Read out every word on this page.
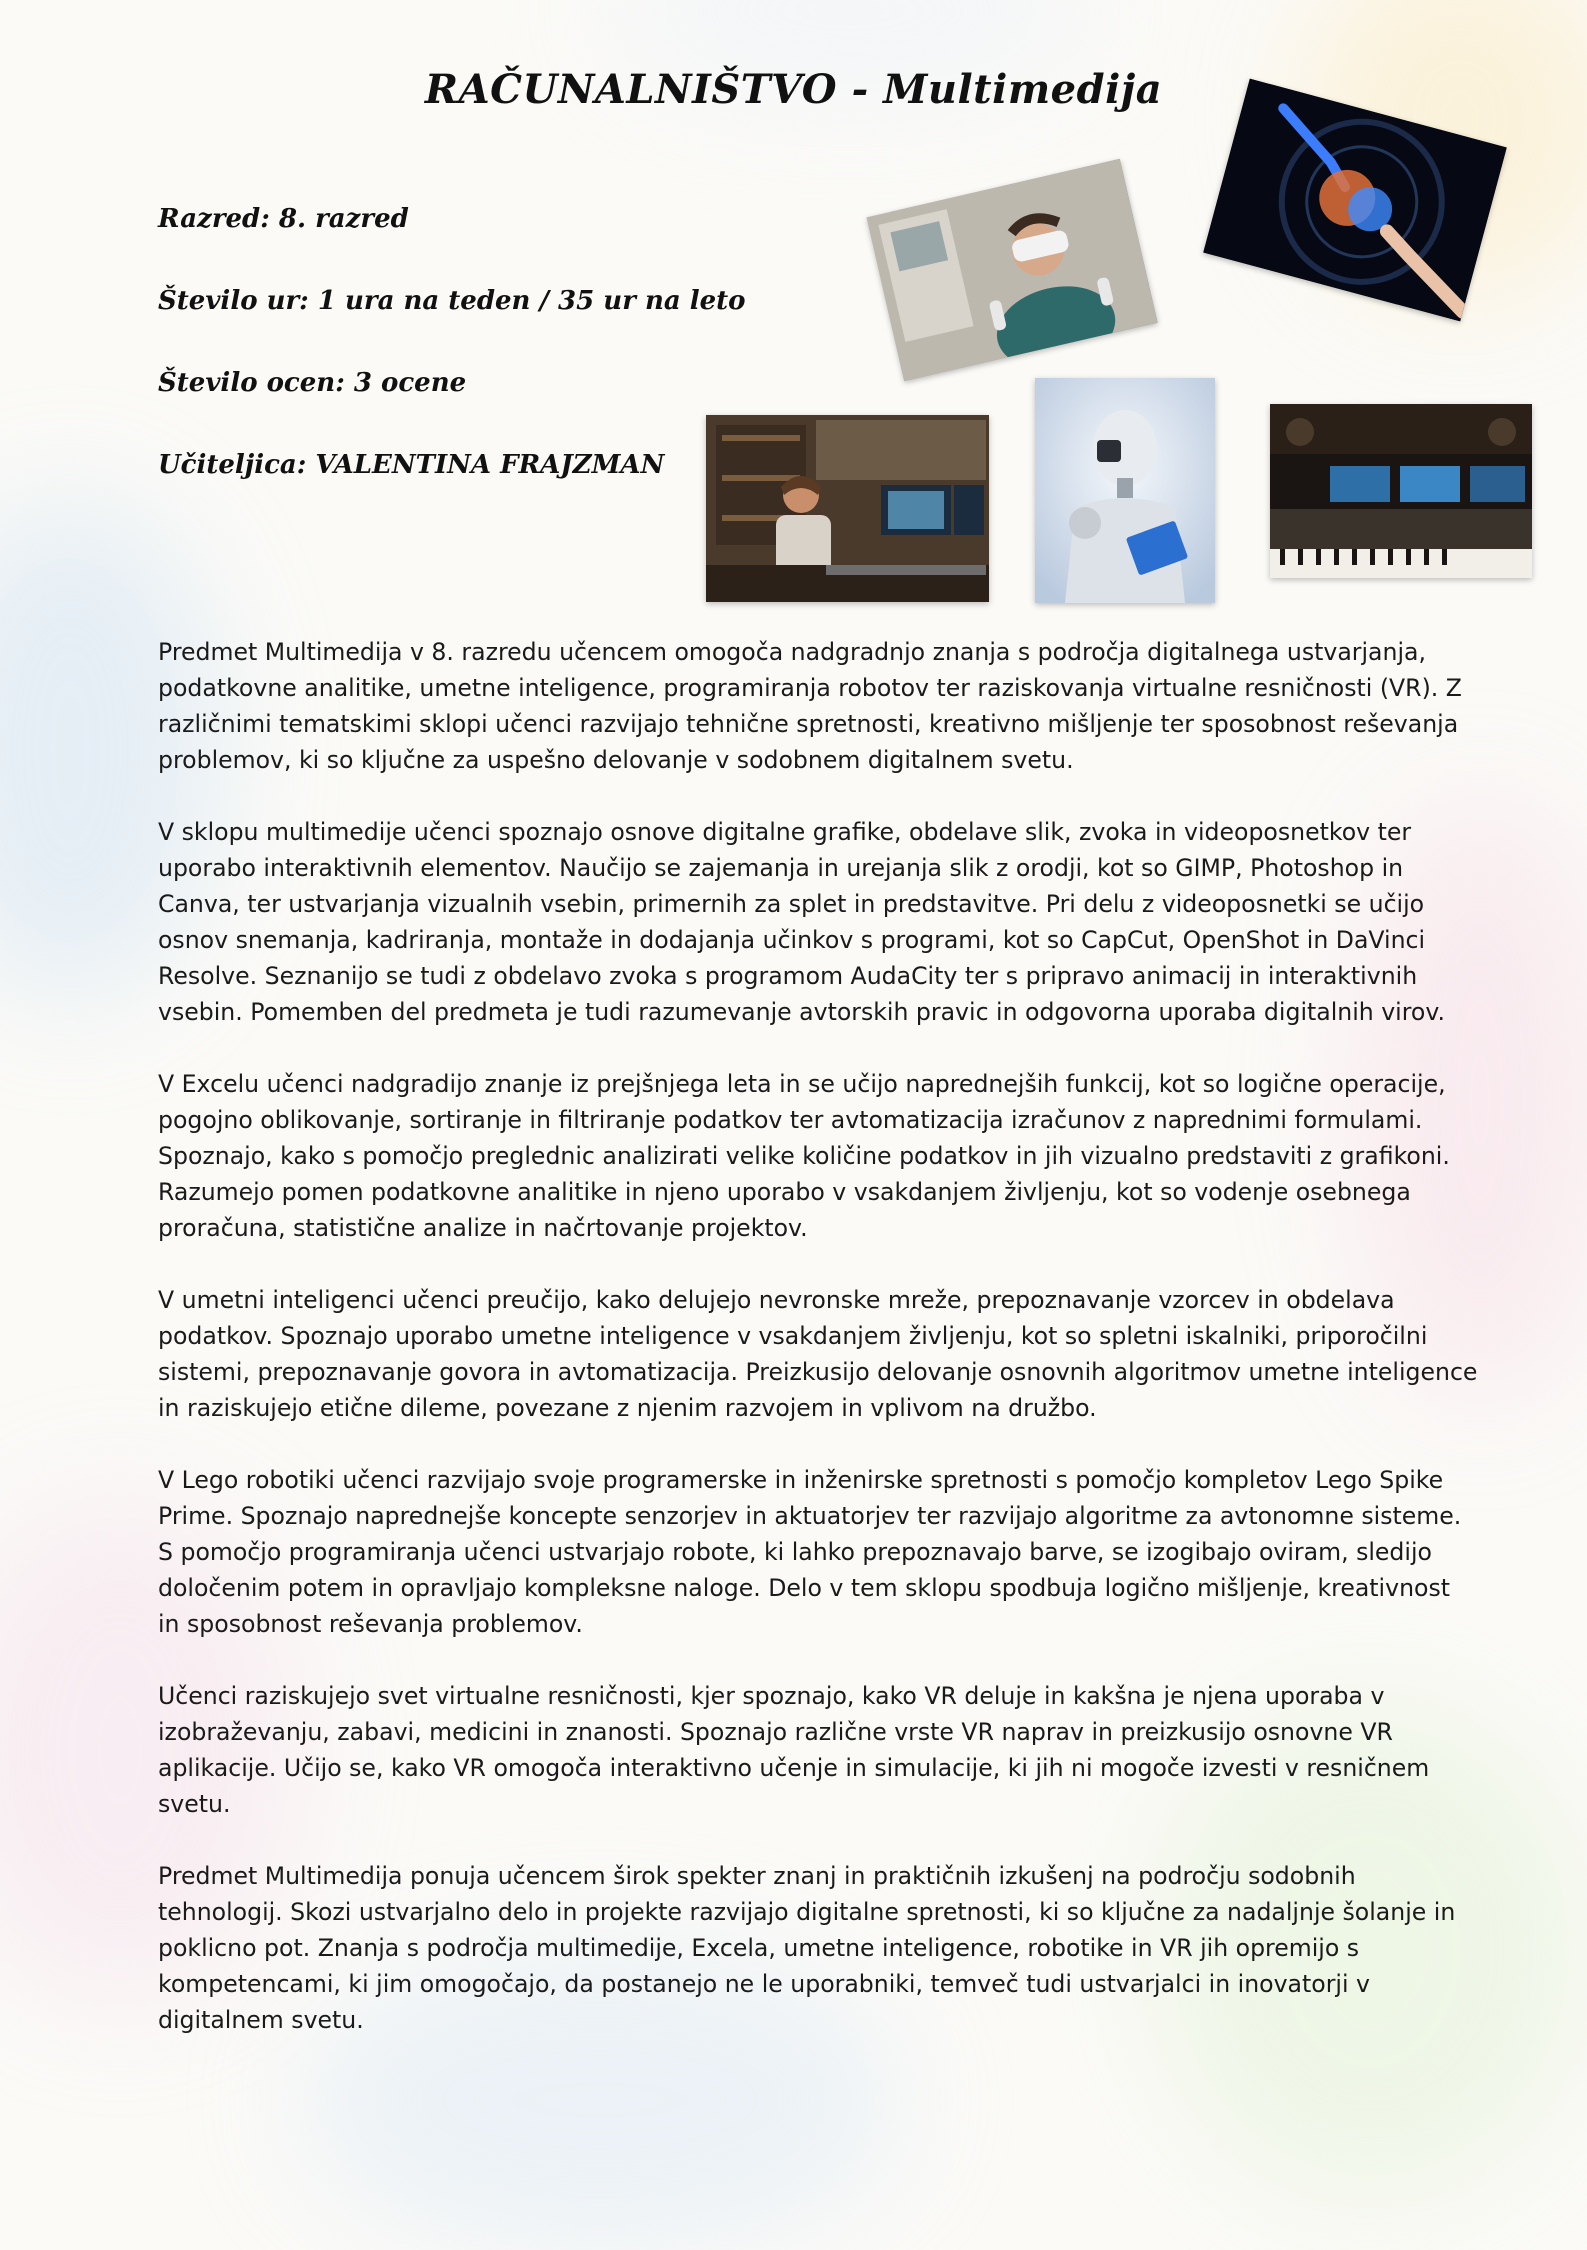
RAČUNALNIŠTVO - Multimedija
Razred: 8. razred
Število ur: 1 ura na teden / 35 ur na leto
Število ocen: 3 ocene
Učiteljica: VALENTINA FRAJZMAN

Predmet Multimedija v 8. razredu učencem omogoča nadgradnjo znanja s področja digitalnega ustvarjanja, podatkovne analitike, umetne inteligence, programiranja robotov ter raziskovanja virtualne resničnosti (VR). Z različnimi tematskimi sklopi učenci razvijajo tehnične spretnosti, kreativno mišljenje ter sposobnost reševanja problemov, ki so ključne za uspešno delovanje v sodobnem digitalnem svetu.

V sklopu multimedije učenci spoznajo osnove digitalne grafike, obdelave slik, zvoka in videoposnetkov ter uporabo interaktivnih elementov. Naučijo se zajemanja in urejanja slik z orodji, kot so GIMP, Photoshop in Canva, ter ustvarjanja vizualnih vsebin, primernih za splet in predstavitve. Pri delu z videoposnetki se učijo osnov snemanja, kadriranja, montaže in dodajanja učinkov s programi, kot so CapCut, OpenShot in DaVinci Resolve. Seznanijo se tudi z obdelavo zvoka s programom AudaCity ter s pripravo animacij in interaktivnih vsebin. Pomemben del predmeta je tudi razumevanje avtorskih pravic in odgovorna uporaba digitalnih virov.

V Excelu učenci nadgradijo znanje iz prejšnjega leta in se učijo naprednejših funkcij, kot so logične operacije, pogojno oblikovanje, sortiranje in filtriranje podatkov ter avtomatizacija izračunov z naprednimi formulami. Spoznajo, kako s pomočjo preglednic analizirati velike količine podatkov in jih vizualno predstaviti z grafikoni. Razumejo pomen podatkovne analitike in njeno uporabo v vsakdanjem življenju, kot so vodenje osebnega proračuna, statistične analize in načrtovanje projektov.

V umetni inteligenci učenci preučijo, kako delujejo nevronske mreže, prepoznavanje vzorcev in obdelava podatkov. Spoznajo uporabo umetne inteligence v vsakdanjem življenju, kot so spletni iskalniki, priporočilni sistemi, prepoznavanje govora in avtomatizacija. Preizkusijo delovanje osnovnih algoritmov umetne inteligence in raziskujejo etične dileme, povezane z njenim razvojem in vplivom na družbo.

V Lego robotiki učenci razvijajo svoje programerske in inženirske spretnosti s pomočjo kompletov Lego Spike Prime. Spoznajo naprednejše koncepte senzorjev in aktuatorjev ter razvijajo algoritme za avtonomne sisteme. S pomočjo programiranja učenci ustvarjajo robote, ki lahko prepoznavajo barve, se izogibajo oviram, sledijo določenim potem in opravljajo kompleksne naloge. Delo v tem sklopu spodbuja logično mišljenje, kreativnost in sposobnost reševanja problemov.

Učenci raziskujejo svet virtualne resničnosti, kjer spoznajo, kako VR deluje in kakšna je njena uporaba v izobraževanju, zabavi, medicini in znanosti. Spoznajo različne vrste VR naprav in preizkusijo osnovne VR aplikacije. Učijo se, kako VR omogoča interaktivno učenje in simulacije, ki jih ni mogoče izvesti v resničnem svetu.

Predmet Multimedija ponuja učencem širok spekter znanj in praktičnih izkušenj na področju sodobnih tehnologij. Skozi ustvarjalno delo in projekte razvijajo digitalne spretnosti, ki so ključne za nadaljnje šolanje in poklicno pot. Znanja s področja multimedije, Excela, umetne inteligence, robotike in VR jih opremijo s kompetencami, ki jim omogočajo, da postanejo ne le uporabniki, temveč tudi ustvarjalci in inovatorji v digitalnem svetu.
